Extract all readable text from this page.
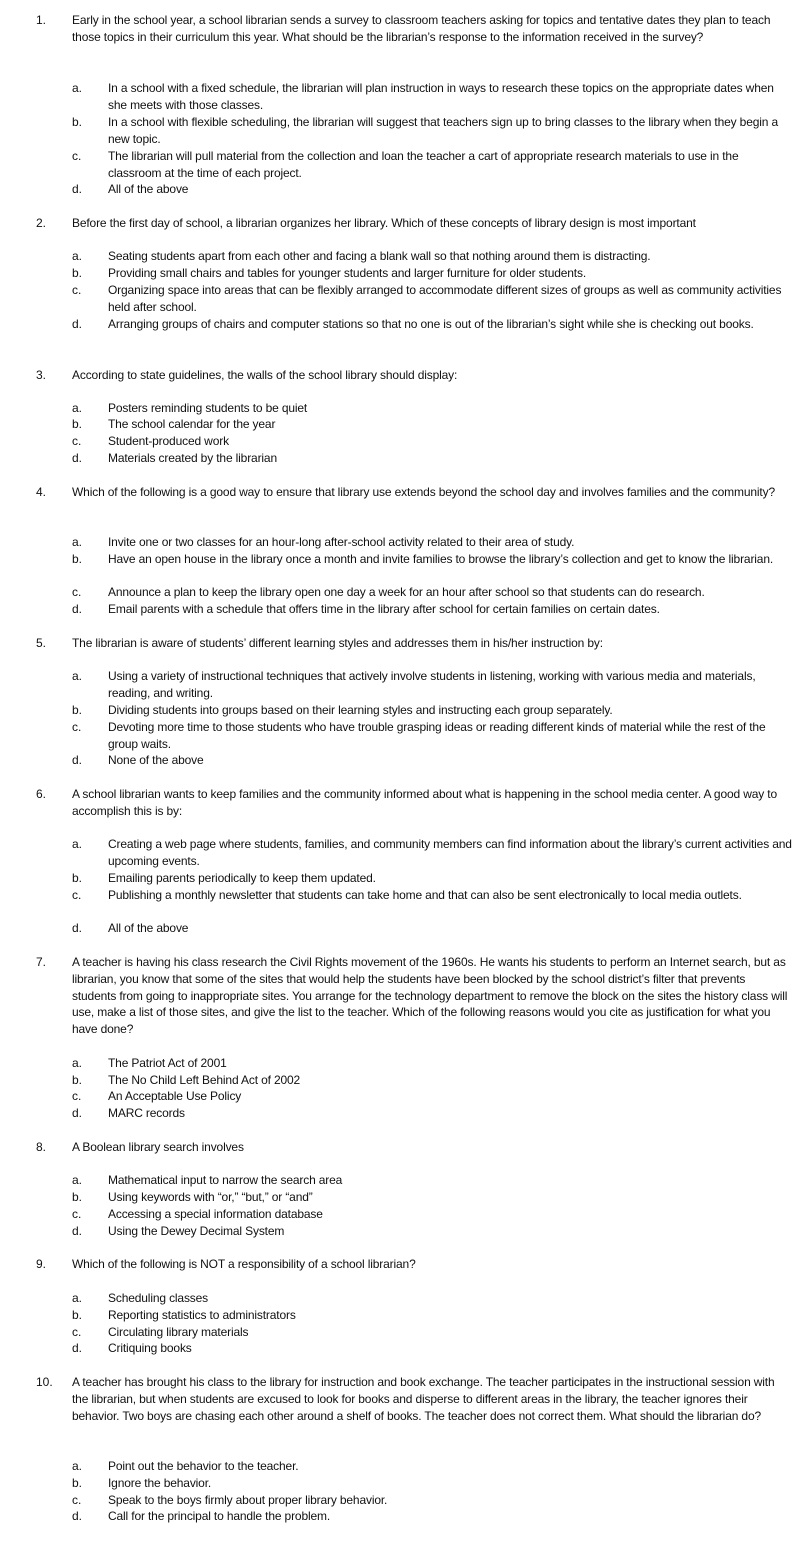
1. Early in the school year, a school librarian sends a survey to classroom teachers asking for topics and tentative dates they plan to teach those topics in their curriculum this year. What should be the librarian’s response to the information received in the survey?
a. In a school with a fixed schedule, the librarian will plan instruction in ways to research these topics on the appropriate dates when she meets with those classes.
b. In a school with flexible scheduling, the librarian will suggest that teachers sign up to bring classes to the library when they begin a new topic.
c. The librarian will pull material from the collection and loan the teacher a cart of appropriate research materials to use in the classroom at the time of each project.
d. All of the above
2. Before the first day of school, a librarian organizes her library. Which of these concepts of library design is most important
a. Seating students apart from each other and facing a blank wall so that nothing around them is distracting.
b. Providing small chairs and tables for younger students and larger furniture for older students.
c. Organizing space into areas that can be flexibly arranged to accommodate different sizes of groups as well as community activities held after school.
d. Arranging groups of chairs and computer stations so that no one is out of the librarian’s sight while she is checking out books.
3. According to state guidelines, the walls of the school library should display:
a. Posters reminding students to be quiet
b. The school calendar for the year
c. Student-produced work
d. Materials created by the librarian
4. Which of the following is a good way to ensure that library use extends beyond the school day and involves families and the community?
a. Invite one or two classes for an hour-long after-school activity related to their area of study.
b. Have an open house in the library once a month and invite families to browse the library’s collection and get to know the librarian.
c. Announce a plan to keep the library open one day a week for an hour after school so that students can do research.
d. Email parents with a schedule that offers time in the library after school for certain families on certain dates.
5. The librarian is aware of students’ different learning styles and addresses them in his/her instruction by:
a. Using a variety of instructional techniques that actively involve students in listening, working with various media and materials, reading, and writing.
b. Dividing students into groups based on their learning styles and instructing each group separately.
c. Devoting more time to those students who have trouble grasping ideas or reading different kinds of material while the rest of the group waits.
d. None of the above
6. A school librarian wants to keep families and the community informed about what is happening in the school media center. A good way to accomplish this is by:
a. Creating a web page where students, families, and community members can find information about the library’s current activities and upcoming events.
b. Emailing parents periodically to keep them updated.
c. Publishing a monthly newsletter that students can take home and that can also be sent electronically to local media outlets.
d. All of the above
7. A teacher is having his class research the Civil Rights movement of the 1960s. He wants his students to perform an Internet search, but as librarian, you know that some of the sites that would help the students have been blocked by the school district’s filter that prevents students from going to inappropriate sites. You arrange for the technology department to remove the block on the sites the history class will use, make a list of those sites, and give the list to the teacher. Which of the following reasons would you cite as justification for what you have done?
a. The Patriot Act of 2001
b. The No Child Left Behind Act of 2002
c. An Acceptable Use Policy
d. MARC records
8. A Boolean library search involves
a. Mathematical input to narrow the search area
b. Using keywords with “or,” “but,” or “and”
c. Accessing a special information database
d. Using the Dewey Decimal System
9. Which of the following is NOT a responsibility of a school librarian?
a. Scheduling classes
b. Reporting statistics to administrators
c. Circulating library materials
d. Critiquing books
10. A teacher has brought his class to the library for instruction and book exchange. The teacher participates in the instructional session with the librarian, but when students are excused to look for books and disperse to different areas in the library, the teacher ignores their behavior. Two boys are chasing each other around a shelf of books. The teacher does not correct them. What should the librarian do?
a. Point out the behavior to the teacher.
b. Ignore the behavior.
c. Speak to the boys firmly about proper library behavior.
d. Call for the principal to handle the problem.
